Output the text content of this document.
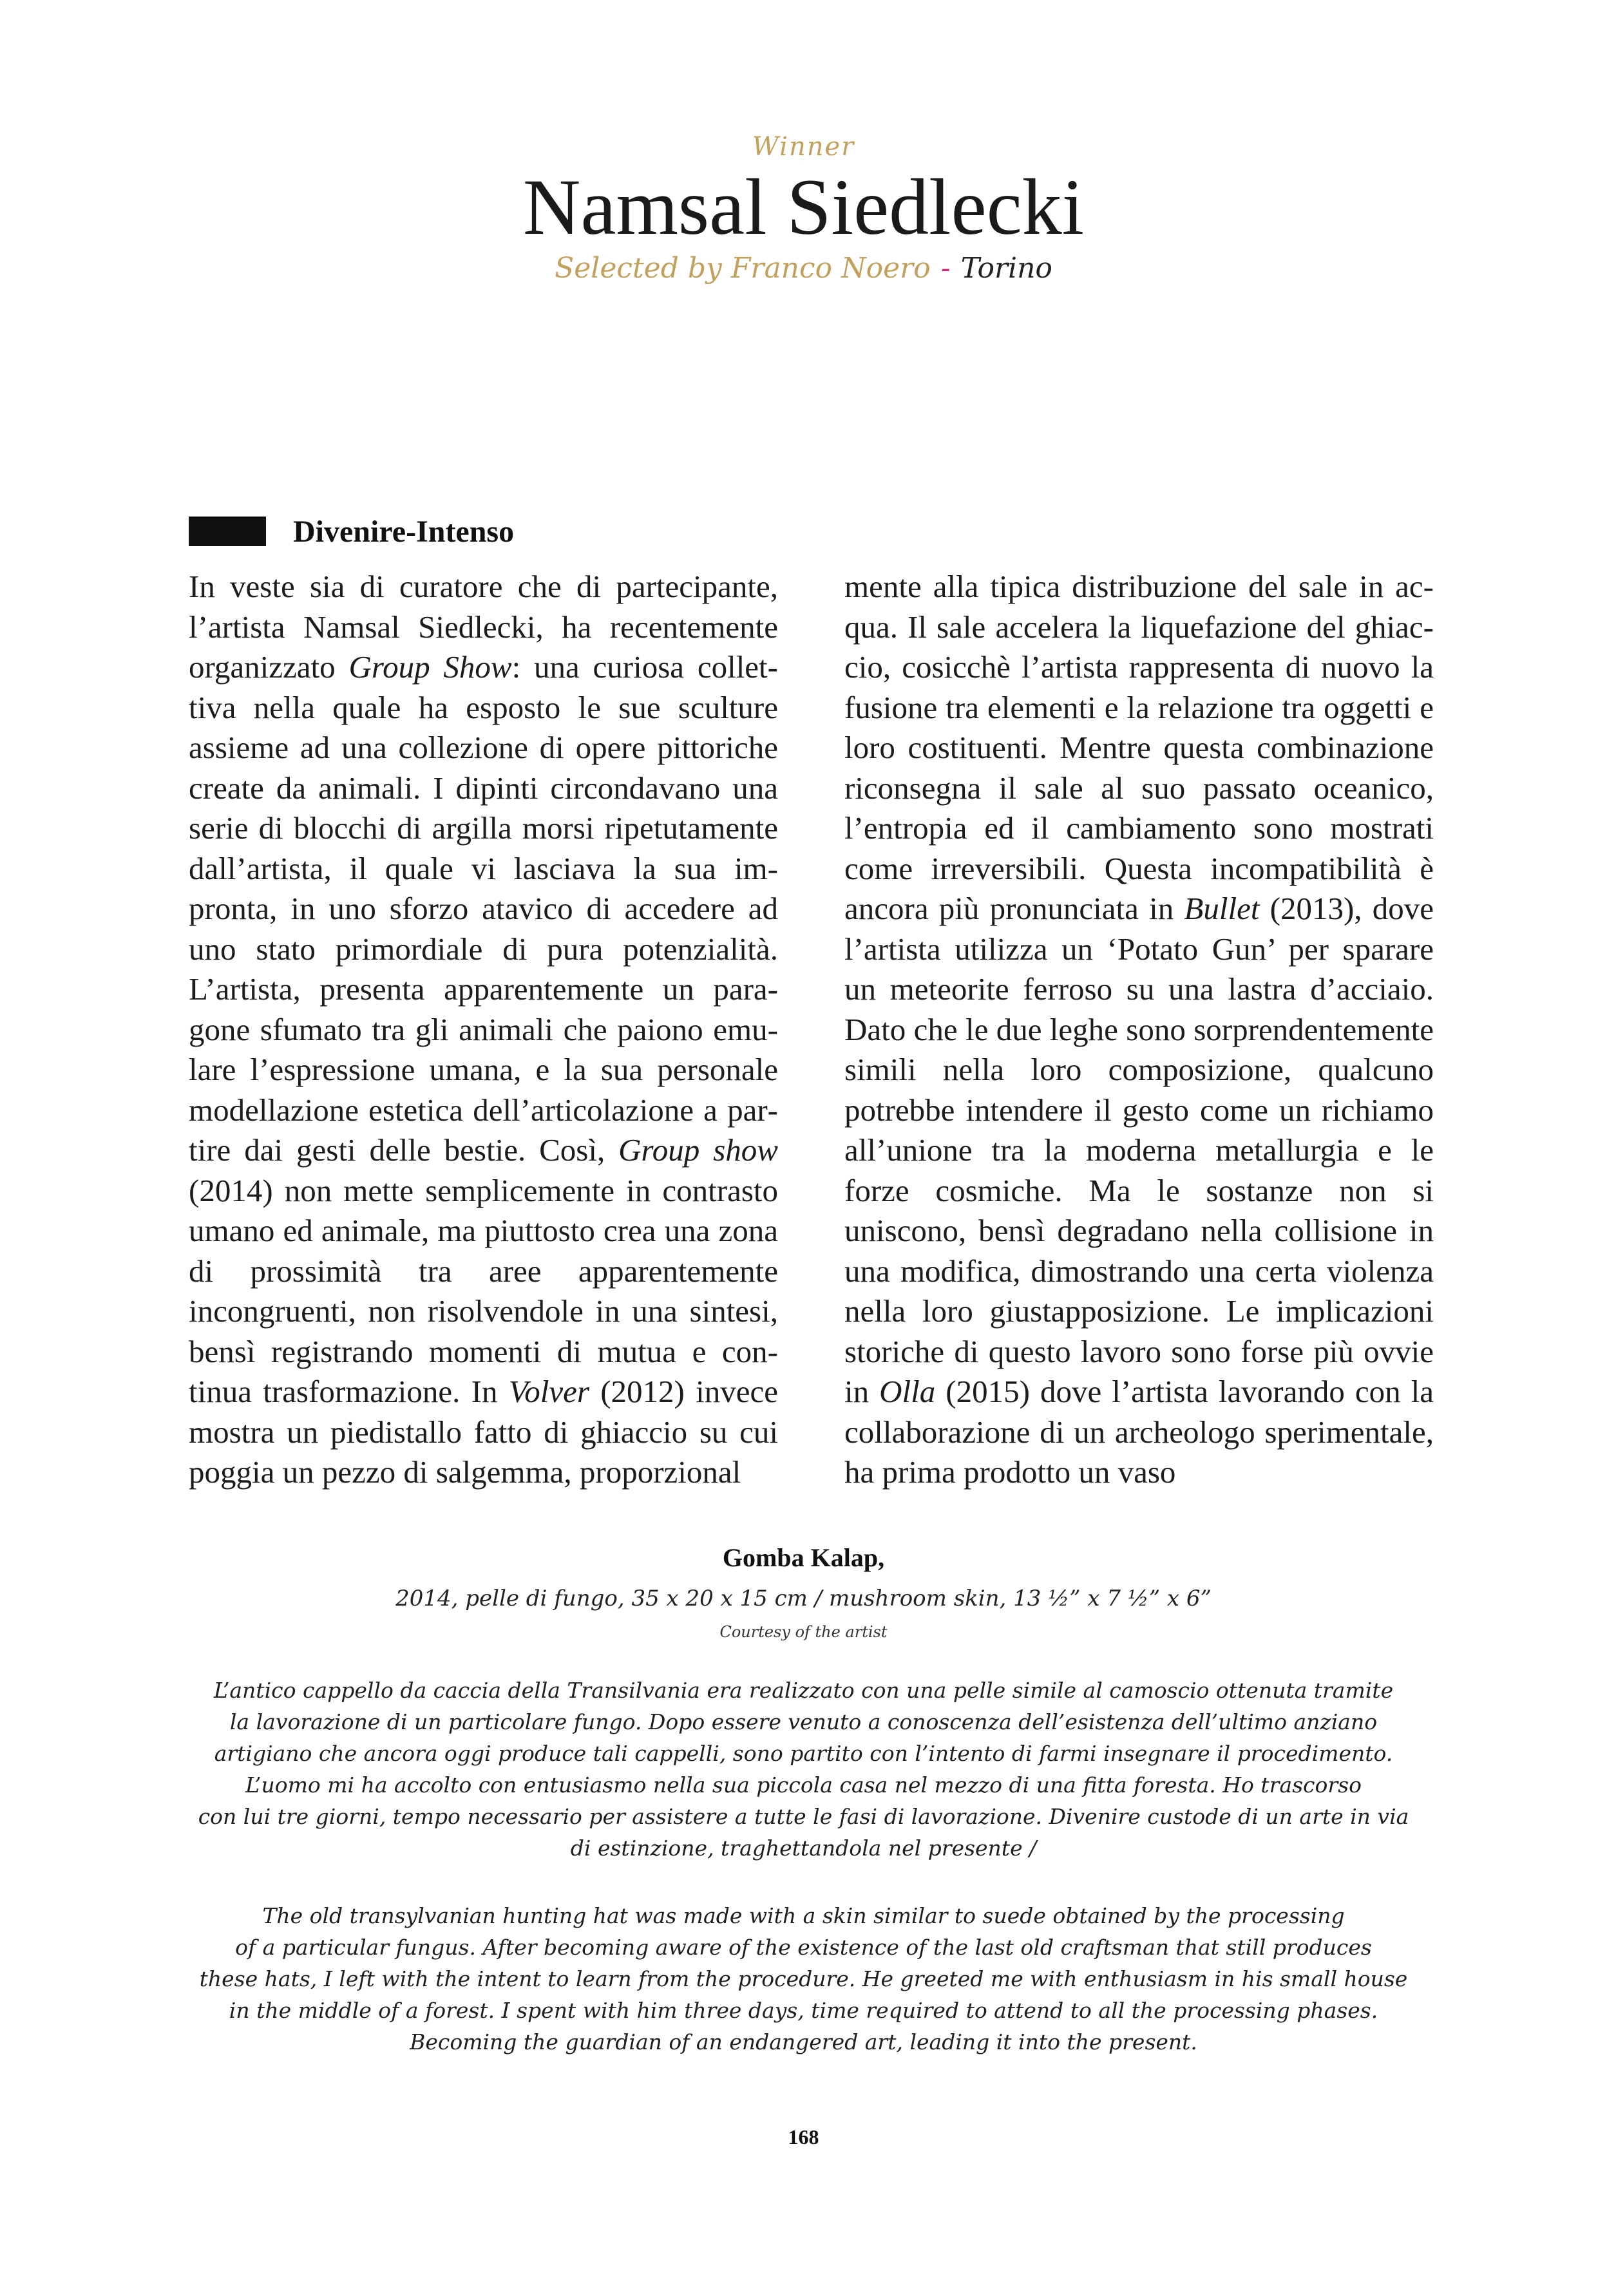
Winner
Namsal Siedlecki
Selected by Franco Noero - Torino
Divenire-Intenso

In veste sia di curatore che di partecipante, l’artista Namsal Siedlecki, ha recentemente organizzato Group Show: una curiosa collettiva nella quale ha esposto le sue sculture assieme ad una collezione di opere pittoriche create da animali. I dipinti circondavano una serie di blocchi di argilla morsi ripetutamente dall’artista, il quale vi lasciava la sua impronta, in uno sforzo atavico di accedere ad uno stato primordiale di pura potenzialità. L’artista, presenta apparentemente un paragone sfumato tra gli animali che paiono emulare l’espressione umana, e la sua personale modellazione estetica dell’articolazione a partire dai gesti delle bestie. Così, Group show (2014) non mette semplicemente in contrasto umano ed animale, ma piuttosto crea una zona di prossimità tra aree apparentemente incongruenti, non risolvendole in una sintesi, bensì registrando momenti di mutua e continua trasformazione. In Volver (2012) invece mostra un piedistallo fatto di ghiaccio su cui poggia un pezzo di salgemma, proporzional

mente alla tipica distribuzione del sale in acqua. Il sale accelera la liquefazione del ghiaccio, cosicchè l’artista rappresenta di nuovo la fusione tra elementi e la relazione tra oggetti e loro costituenti. Mentre questa combinazione riconsegna il sale al suo passato oceanico, l’entropia ed il cambiamento sono mostrati come irreversibili. Questa incompatibilità è ancora più pronunciata in Bullet (2013), dove l’artista utilizza un ‘Potato Gun’ per sparare un meteorite ferroso su una lastra d’acciaio. Dato che le due leghe sono sorprendentemente simili nella loro composizione, qualcuno potrebbe intendere il gesto come un richiamo all’unione tra la moderna metallurgia e le forze cosmiche. Ma le sostanze non si uniscono, bensì degradano nella collisione in una modifica, dimostrando una certa violenza nella loro giustapposizione. Le implicazioni storiche di questo lavoro sono forse più ovvie in Olla (2015) dove l’artista lavorando con la collaborazione di un archeologo sperimentale, ha prima prodotto un vaso

Gomba Kalap,
2014, pelle di fungo, 35 x 20 x 15 cm / mushroom skin, 13 ½” x 7 ½” x 6”
Courtesy of the artist
L’antico cappello da caccia della Transilvania era realizzato con una pelle simile al camoscio ottenuta tramite
la lavorazione di un particolare fungo. Dopo essere venuto a conoscenza dell’esistenza dell’ultimo anziano
artigiano che ancora oggi produce tali cappelli, sono partito con l’intento di farmi insegnare il procedimento.
L’uomo mi ha accolto con entusiasmo nella sua piccola casa nel mezzo di una fitta foresta. Ho trascorso
con lui tre giorni, tempo necessario per assistere a tutte le fasi di lavorazione. Divenire custode di un arte in via
di estinzione, traghettandola nel presente /
The old transylvanian hunting hat was made with a skin similar to suede obtained by the processing
of a particular fungus. After becoming aware of the existence of the last old craftsman that still produces
these hats, I left with the intent to learn from the procedure. He greeted me with enthusiasm in his small house
in the middle of a forest. I spent with him three days, time required to attend to all the processing phases.
Becoming the guardian of an endangered art, leading it into the present.
168
